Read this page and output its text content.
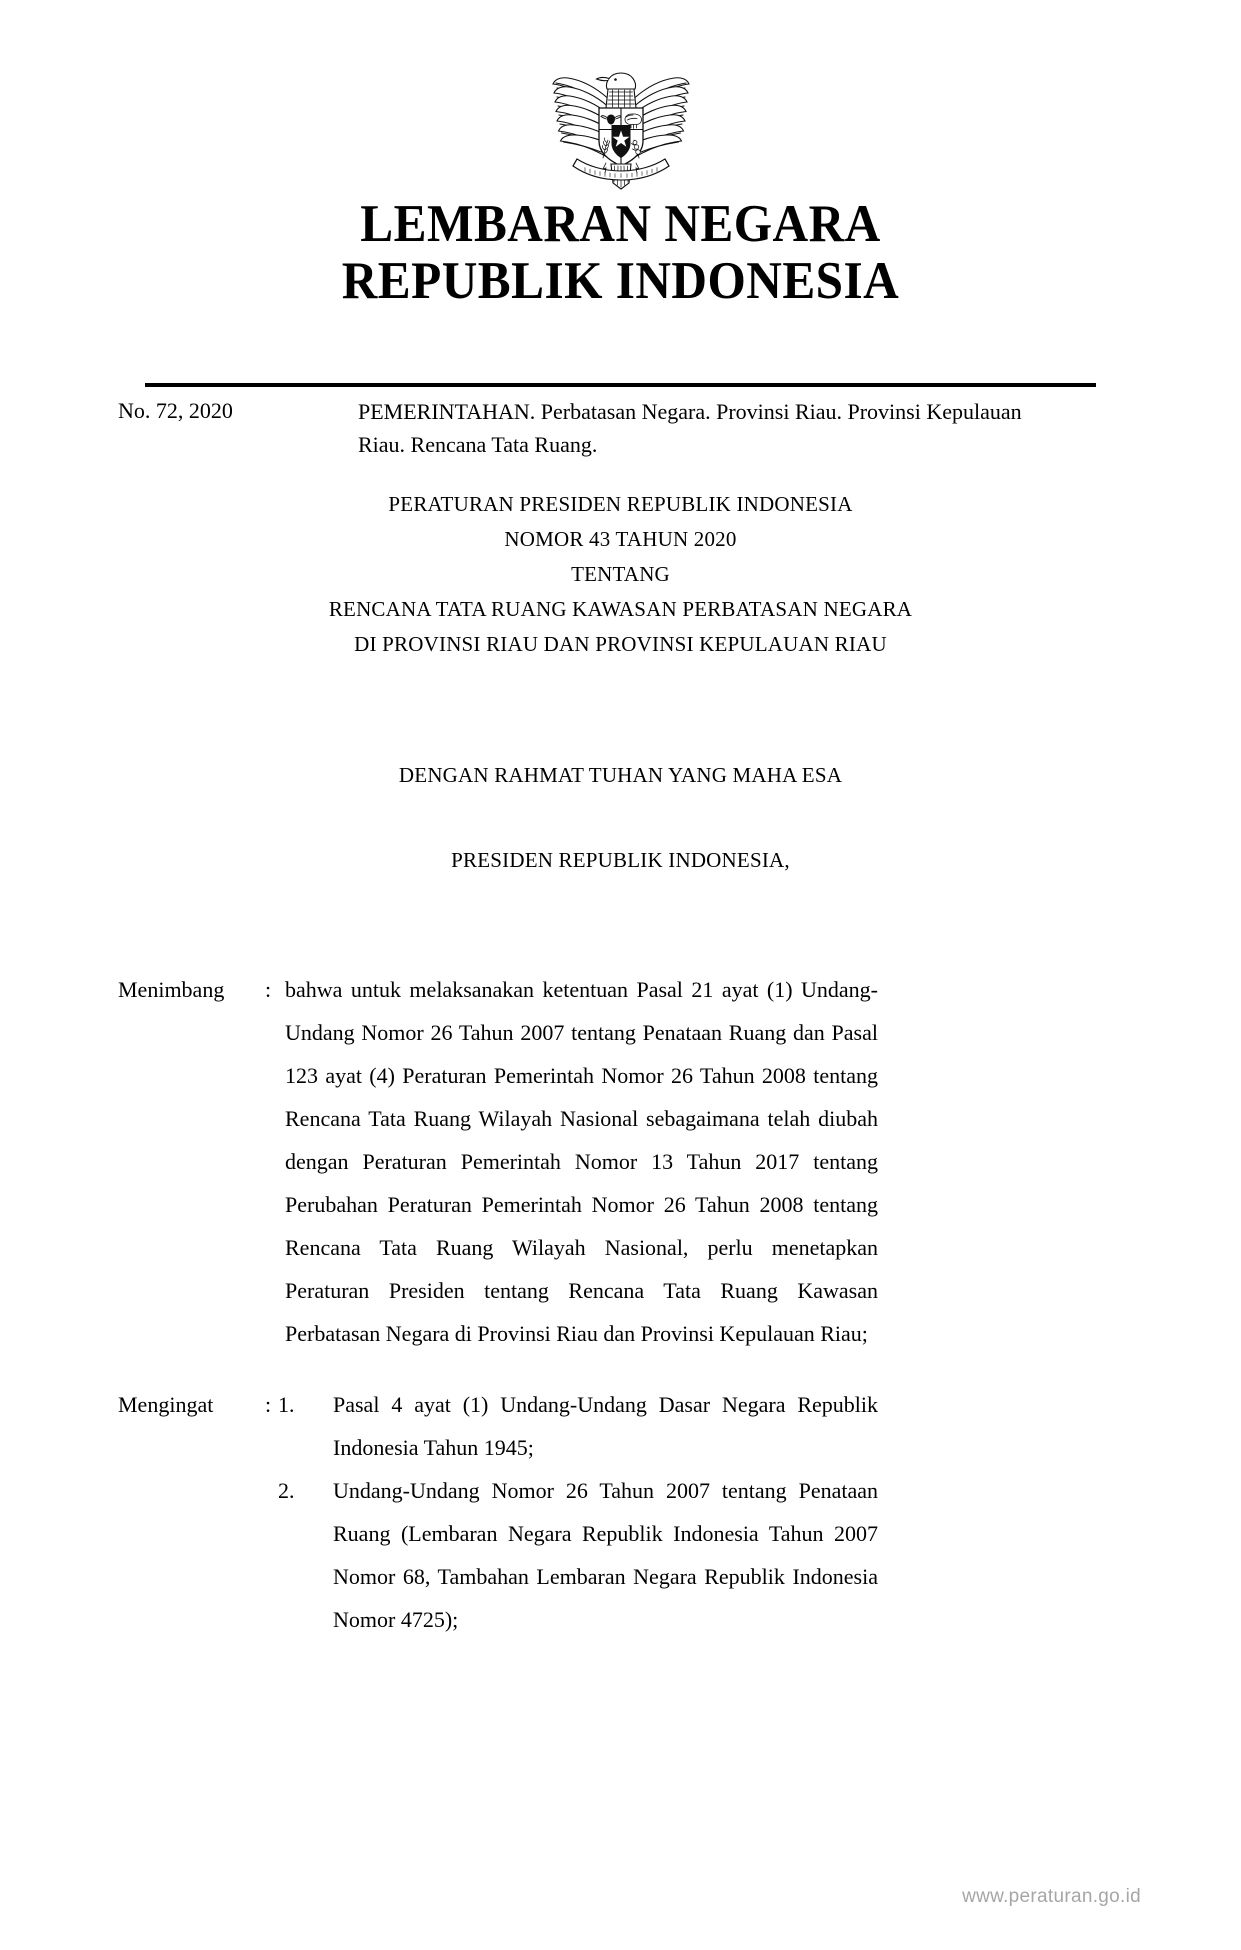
LEMBARAN NEGARA
REPUBLIK INDONESIA
No. 72, 2020	PEMERINTAHAN. Perbatasan Negara. Provinsi Riau. Provinsi Kepulauan Riau. Rencana Tata Ruang.
PERATURAN PRESIDEN REPUBLIK INDONESIA
NOMOR 43 TAHUN 2020
TENTANG
RENCANA TATA RUANG KAWASAN PERBATASAN NEGARA
DI PROVINSI RIAU DAN PROVINSI KEPULAUAN RIAU
DENGAN RAHMAT TUHAN YANG MAHA ESA
PRESIDEN REPUBLIK INDONESIA,
Menimbang	: bahwa untuk melaksanakan ketentuan Pasal 21 ayat (1) Undang-Undang Nomor 26 Tahun 2007 tentang Penataan Ruang dan Pasal 123 ayat (4) Peraturan Pemerintah Nomor 26 Tahun 2008 tentang Rencana Tata Ruang Wilayah Nasional sebagaimana telah diubah dengan Peraturan Pemerintah Nomor 13 Tahun 2017 tentang Perubahan Peraturan Pemerintah Nomor 26 Tahun 2008 tentang Rencana Tata Ruang Wilayah Nasional, perlu menetapkan Peraturan Presiden tentang Rencana Tata Ruang Kawasan Perbatasan Negara di Provinsi Riau dan Provinsi Kepulauan Riau;

Mengingat	: 1.	Pasal 4 ayat (1) Undang-Undang Dasar Negara Republik Indonesia Tahun 1945;
2.	Undang-Undang Nomor 26 Tahun 2007 tentang Penataan Ruang (Lembaran Negara Republik Indonesia Tahun 2007 Nomor 68, Tambahan Lembaran Negara Republik Indonesia Nomor 4725);
www.peraturan.go.id
